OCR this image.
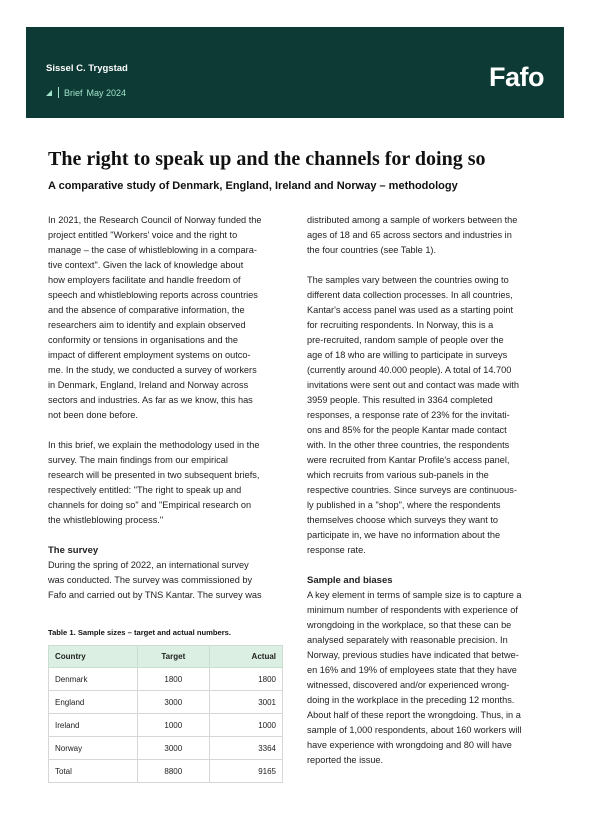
Sissel C. Trygstad
Brief May 2024
Fafo
The right to speak up and the channels for doing so
A comparative study of Denmark, England, Ireland and Norway – methodology

In 2021, the Research Council of Norway funded the

project entitled "Workers' voice and the right to

manage – the case of whistleblowing in a compara-

tive context". Given the lack of knowledge about

how employers facilitate and handle freedom of

speech and whistleblowing reports across countries

and the absence of comparative information, the

researchers aim to identify and explain observed

conformity or tensions in organisations and the

impact of different employment systems on outco-

me. In the study, we conducted a survey of workers

in Denmark, England, Ireland and Norway across

sectors and industries. As far as we know, this has

not been done before.

In this brief, we explain the methodology used in the

survey. The main findings from our empirical

research will be presented in two subsequent briefs,

respectively entitled: "The right to speak up and

channels for doing so" and "Empirical research on

the whistleblowing process."

The survey

During the spring of 2022, an international survey

was conducted. The survey was commissioned by

Fafo and carried out by TNS Kantar. The survey was

Table 1. Sample sizes – target and actual numbers.
Country	Target	Actual
Denmark	1800	1800
England	3000	3001
Ireland	1000	1000
Norway	3000	3364
Total	8800	9165

distributed among a sample of workers between the

ages of 18 and 65 across sectors and industries in

the four countries (see Table 1).

The samples vary between the countries owing to

different data collection processes. In all countries,

Kantar's access panel was used as a starting point

for recruiting respondents. In Norway, this is a

pre-recruited, random sample of people over the

age of 18 who are willing to participate in surveys

(currently around 40.000 people). A total of 14.700

invitations were sent out and contact was made with

3959 people. This resulted in 3364 completed

responses, a response rate of 23% for the invitati-

ons and 85% for the people Kantar made contact

with. In the other three countries, the respondents

were recruited from Kantar Profile's access panel,

which recruits from various sub-panels in the

respective countries. Since surveys are continuous-

ly published in a "shop", where the respondents

themselves choose which surveys they want to

participate in, we have no information about the

response rate.

Sample and biases

A key element in terms of sample size is to capture a

minimum number of respondents with experience of

wrongdoing in the workplace, so that these can be

analysed separately with reasonable precision. In

Norway, previous studies have indicated that betwe-

en 16% and 19% of employees state that they have

witnessed, discovered and/or experienced wrong-

doing in the workplace in the preceding 12 months.

About half of these report the wrongdoing. Thus, in a

sample of 1,000 respondents, about 160 workers will

have experience with wrongdoing and 80 will have

reported the issue.
